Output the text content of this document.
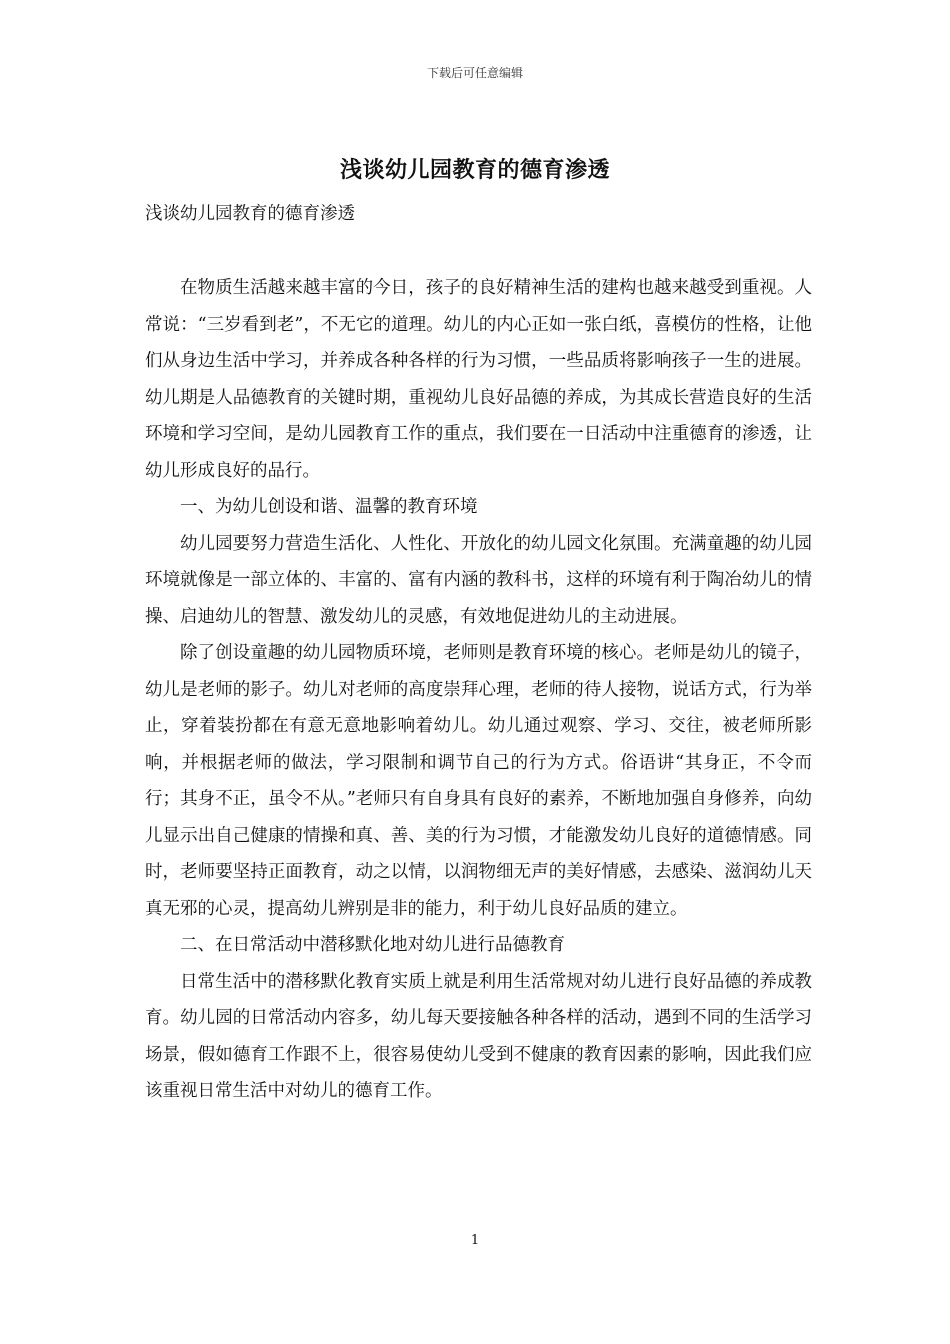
下载后可任意编辑
浅谈幼儿园教育的德育渗透
浅谈幼儿园教育的德育渗透

在物质生活越来越丰富的今日，孩子的良好精神生活的建构也越来越受到重视。人常说：“三岁看到老”，不无它的道理。幼儿的内心正如一张白纸，喜模仿的性格，让他们从身边生活中学习，并养成各种各样的行为习惯，一些品质将影响孩子一生的进展。幼儿期是人品德教育的关键时期，重视幼儿良好品德的养成，为其成长营造良好的生活环境和学习空间，是幼儿园教育工作的重点，我们要在一日活动中注重德育的渗透，让幼儿形成良好的品行。

一、为幼儿创设和谐、温馨的教育环境

幼儿园要努力营造生活化、人性化、开放化的幼儿园文化氛围。充满童趣的幼儿园环境就像是一部立体的、丰富的、富有内涵的教科书，这样的环境有利于陶冶幼儿的情操、启迪幼儿的智慧、激发幼儿的灵感，有效地促进幼儿的主动进展。

除了创设童趣的幼儿园物质环境，老师则是教育环境的核心。老师是幼儿的镜子，幼儿是老师的影子。幼儿对老师的高度崇拜心理，老师的待人接物，说话方式，行为举止，穿着装扮都在有意无意地影响着幼儿。幼儿通过观察、学习、交往，被老师所影响，并根据老师的做法，学习限制和调节自己的行为方式。俗语讲“其身正，不令而行；其身不正，虽令不从。”老师只有自身具有良好的素养，不断地加强自身修养，向幼儿显示出自己健康的情操和真、善、美的行为习惯，才能激发幼儿良好的道德情感。同时，老师要坚持正面教育，动之以情，以润物细无声的美好情感，去感染、滋润幼儿天真无邪的心灵，提高幼儿辨别是非的能力，利于幼儿良好品质的建立。

二、在日常活动中潜移默化地对幼儿进行品德教育

日常生活中的潜移默化教育实质上就是利用生活常规对幼儿进行良好品德的养成教育。幼儿园的日常活动内容多，幼儿每天要接触各种各样的活动，遇到不同的生活学习场景，假如德育工作跟不上，很容易使幼儿受到不健康的教育因素的影响，因此我们应该重视日常生活中对幼儿的德育工作。

1
